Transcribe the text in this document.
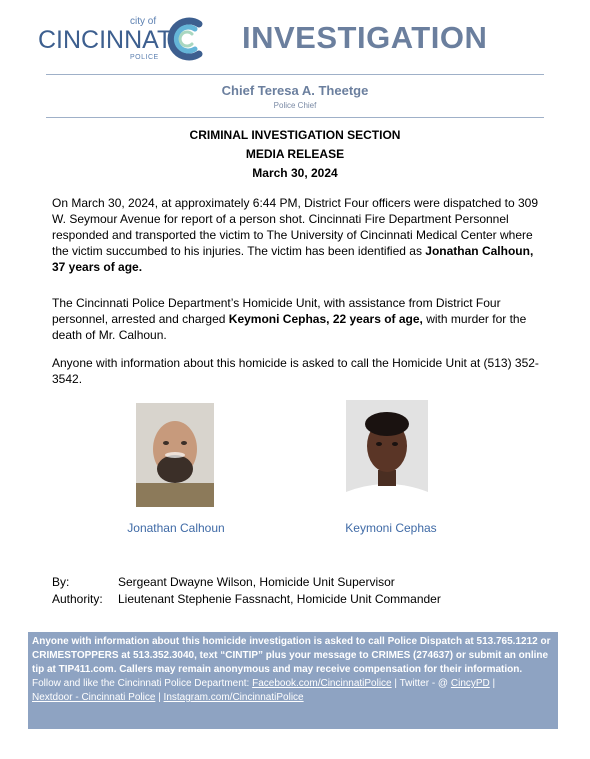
city of
CINCINNATI
POLICE
INVESTIGATION
Chief Teresa A. Theetge
Police Chief
CRIMINAL INVESTIGATION SECTION
MEDIA RELEASE
March 30, 2024
On March 30, 2024, at approximately 6:44 PM, District Four officers were dispatched to 309 W. Seymour Avenue for report of a person shot. Cincinnati Fire Department Personnel responded and transported the victim to The University of Cincinnati Medical Center where the victim succumbed to his injuries. The victim has been identified as Jonathan Calhoun, 37 years of age.
The Cincinnati Police Department’s Homicide Unit, with assistance from District Four personnel, arrested and charged Keymoni Cephas, 22 years of age, with murder for the death of Mr. Calhoun.
Anyone with information about this homicide is asked to call the Homicide Unit at (513) 352-3542.
Jonathan Calhoun	Keymoni Cephas
By:	Sergeant Dwayne Wilson, Homicide Unit Supervisor
Authority: Lieutenant Stephenie Fassnacht, Homicide Unit Commander
Anyone with information about this homicide investigation is asked to call Police Dispatch at 513.765.1212 or CRIMESTOPPERS at 513.352.3040, text “CINTIP” plus your message to CRIMES (274637) or submit an online tip at TIP411.com. Callers may remain anonymous and may receive compensation for their information.
Follow and like the Cincinnati Police Department: Facebook.com/CincinnatiPolice | Twitter - @ CincyPD |
Nextdoor - Cincinnati Police | Instagram.com/CincinnatiPolice
